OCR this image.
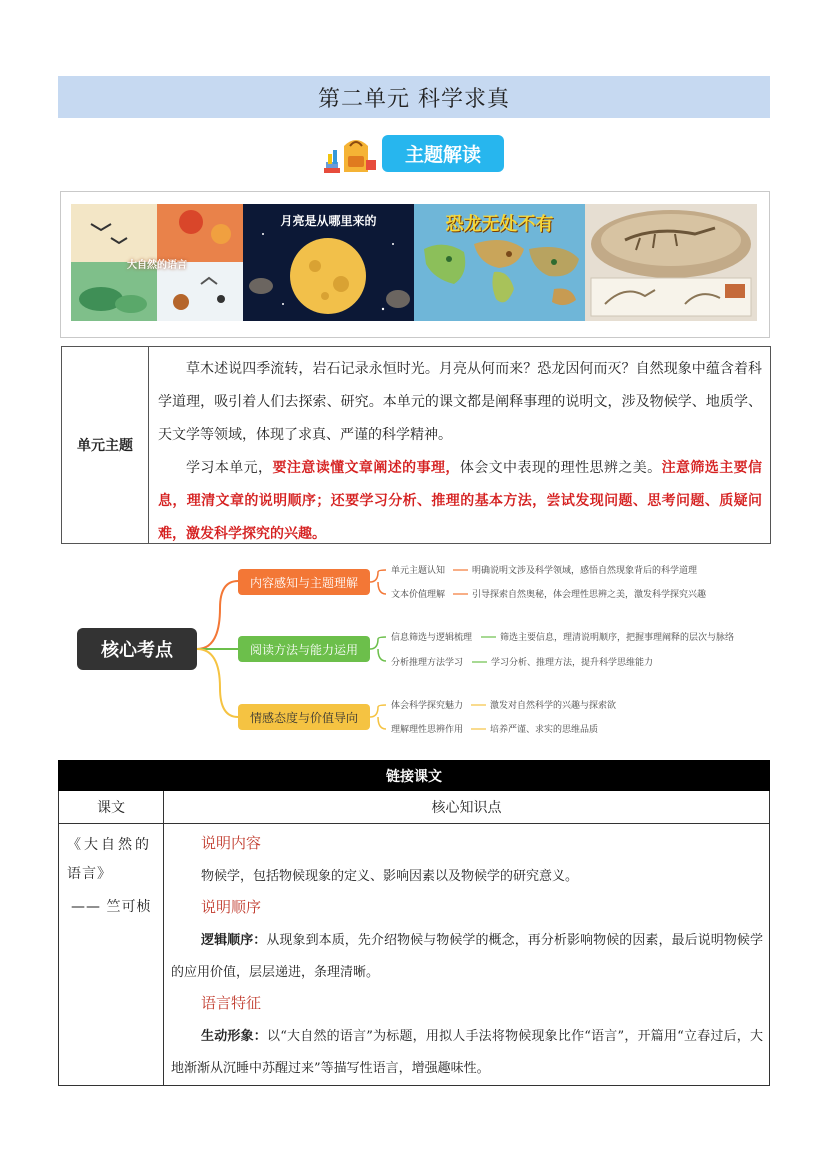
第二单元 科学求真
主题解读
大自然的语言
月亮是从哪里来的	恐龙无处不有
单元主题

草木述说四季流转，岩石记录永恒时光。月亮从何而来？恐龙因何而灭？自然现象中蕴含着科学道理，吸引着人们去探索、研究。本单元的课文都是阐释事理的说明文，涉及物候学、地质学、天文学等领域，体现了求真、严谨的科学精神。

学习本单元，要注意读懂文章阐述的事理，体会文中表现的理性思辨之美。注意筛选主要信息，理清文章的说明顺序；还要学习分析、推理的基本方法，尝试发现问题、思考问题、质疑问难，激发科学探究的兴趣。

核心考点
内容感知与主题理解
单元主题认知	明确说明文涉及科学领域，感悟自然现象背后的科学道理
文本价值理解	引导探索自然奥秘，体会理性思辨之美，激发科学探究兴趣
阅读方法与能力运用
信息筛选与逻辑梳理	筛选主要信息，理清说明顺序，把握事理阐释的层次与脉络
分析推理方法学习	学习分析、推理方法，提升科学思维能力
情感态度与价值导向
体会科学探究魅力	激发对自然科学的兴趣与探索欲
理解理性思辨作用	培养严谨、求实的思维品质
链接课文
课文	核心知识点
《大自然的
语言》
—— 竺可桢
说明内容

物候学，包括物候现象的定义、影响因素以及物候学的研究意义。

说明顺序

逻辑顺序：从现象到本质，先介绍物候与物候学的概念，再分析影响物候的因素，最后说明物候学的应用价值，层层递进，条理清晰。

语言特征

生动形象：以“大自然的语言”为标题，用拟人手法将物候现象比作“语言”，开篇用“立春过后，大地渐渐从沉睡中苏醒过来”等描写性语言，增强趣味性。
